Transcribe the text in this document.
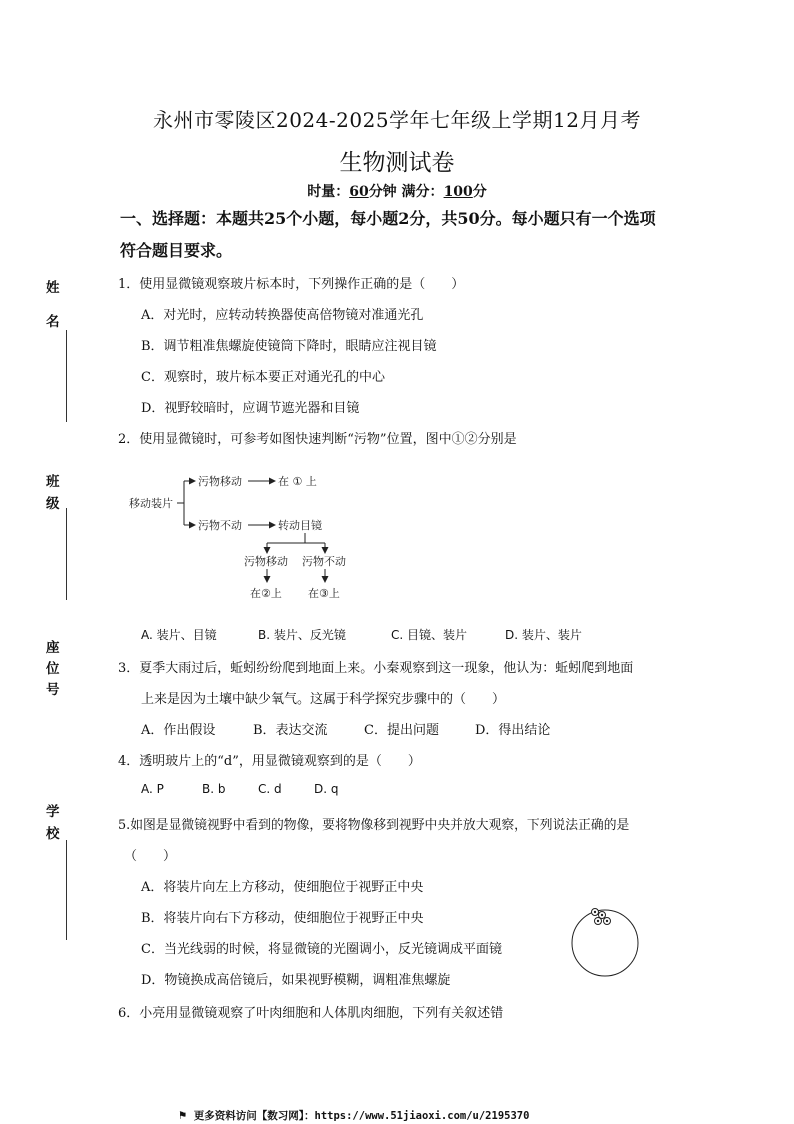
永州市零陵区2024-2025学年七年级上学期12月月考
生物测试卷
时量：60分钟 满分：100分
一、选择题：本题共25个小题，每小题2分，共50分。每小题只有一个选项
符合题目要求。
姓
名
班
级
座
位
号
学
校
1．使用显微镜观察玻片标本时，下列操作正确的是（　　）
A．对光时，应转动转换器使高倍物镜对准通光孔
B．调节粗准焦螺旋使镜筒下降时，眼睛应注视目镜
C．观察时，玻片标本要正对通光孔的中心
D．视野较暗时，应调节遮光器和目镜
2．使用显微镜时，可参考如图快速判断“污物”位置，图中①②分别是
移动装片
污物移动	在 ① 上
污物不动	转动目镜
污物移动 污物不动
在②上 在③上
A. 装片、目镜	B. 装片、反光镜	C. 目镜、装片	D. 装片、装片
3．夏季大雨过后，蚯蚓纷纷爬到地面上来。小秦观察到这一现象，他认为：蚯蚓爬到地面
上来是因为土壤中缺少氧气。这属于科学探究步骤中的（　　）
A．作出假设	B．表达交流	C．提出问题	D．得出结论
4．透明玻片上的“d”，用显微镜观察到的是（　　）
A. P	B. b	C. d	D. q
5.如图是显微镜视野中看到的物像，要将物像移到视野中央并放大观察，下列说法正确的是
（　　）
A．将装片向左上方移动，使细胞位于视野正中央
B．将装片向右下方移动，使细胞位于视野正中央
C．当光线弱的时候，将显微镜的光圈调小，反光镜调成平面镜
D．物镜换成高倍镜后，如果视野模糊，调粗准焦螺旋
6．小亮用显微镜观察了叶肉细胞和人体肌肉细胞，下列有关叙述错
⚑ 更多资料访问【数习网】：https://www.51jiaoxi.com/u/2195370
